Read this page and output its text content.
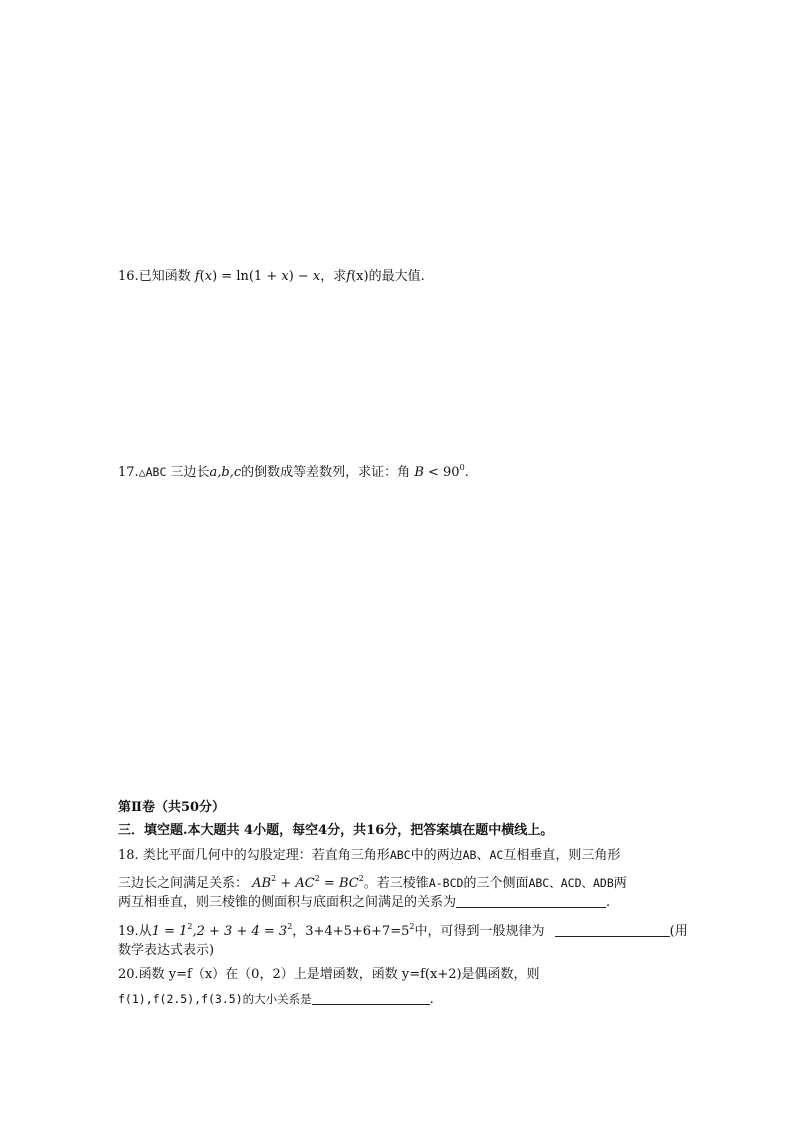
16.已知函数 f(x) = ln(1 + x) − x，求f(x)的最大值.
17.△ABC 三边长a,b,c的倒数成等差数列，求证：角 $B < 90^0$.
第Ⅱ卷（共50分）
三．填空题.本大题共 4小题，每空4分，共16分，把答案填在题中横线上。
18. 类比平面几何中的勾股定理：若直角三角形ABC中的两边AB、AC互相垂直，则三角形
三边长之间满足关系： $AB^2 + AC^2 = BC^2$。若三棱锥A-BCD的三个侧面ABC、ACD、ADB两
两互相垂直，则三棱锥的侧面积与底面积之间满足的关系为	.
19.从$1 = 1^2,2 + 3 + 4 = 3^2$，$3+4+5+6+7=5^2$中，可得到一般规律为	(用
数学表达式表示)
20.函数 y=f（x）在（0，2）上是增函数，函数 y=f(x+2)是偶函数，则
f(1),f(2.5),f(3.5)的大小关系是	.
